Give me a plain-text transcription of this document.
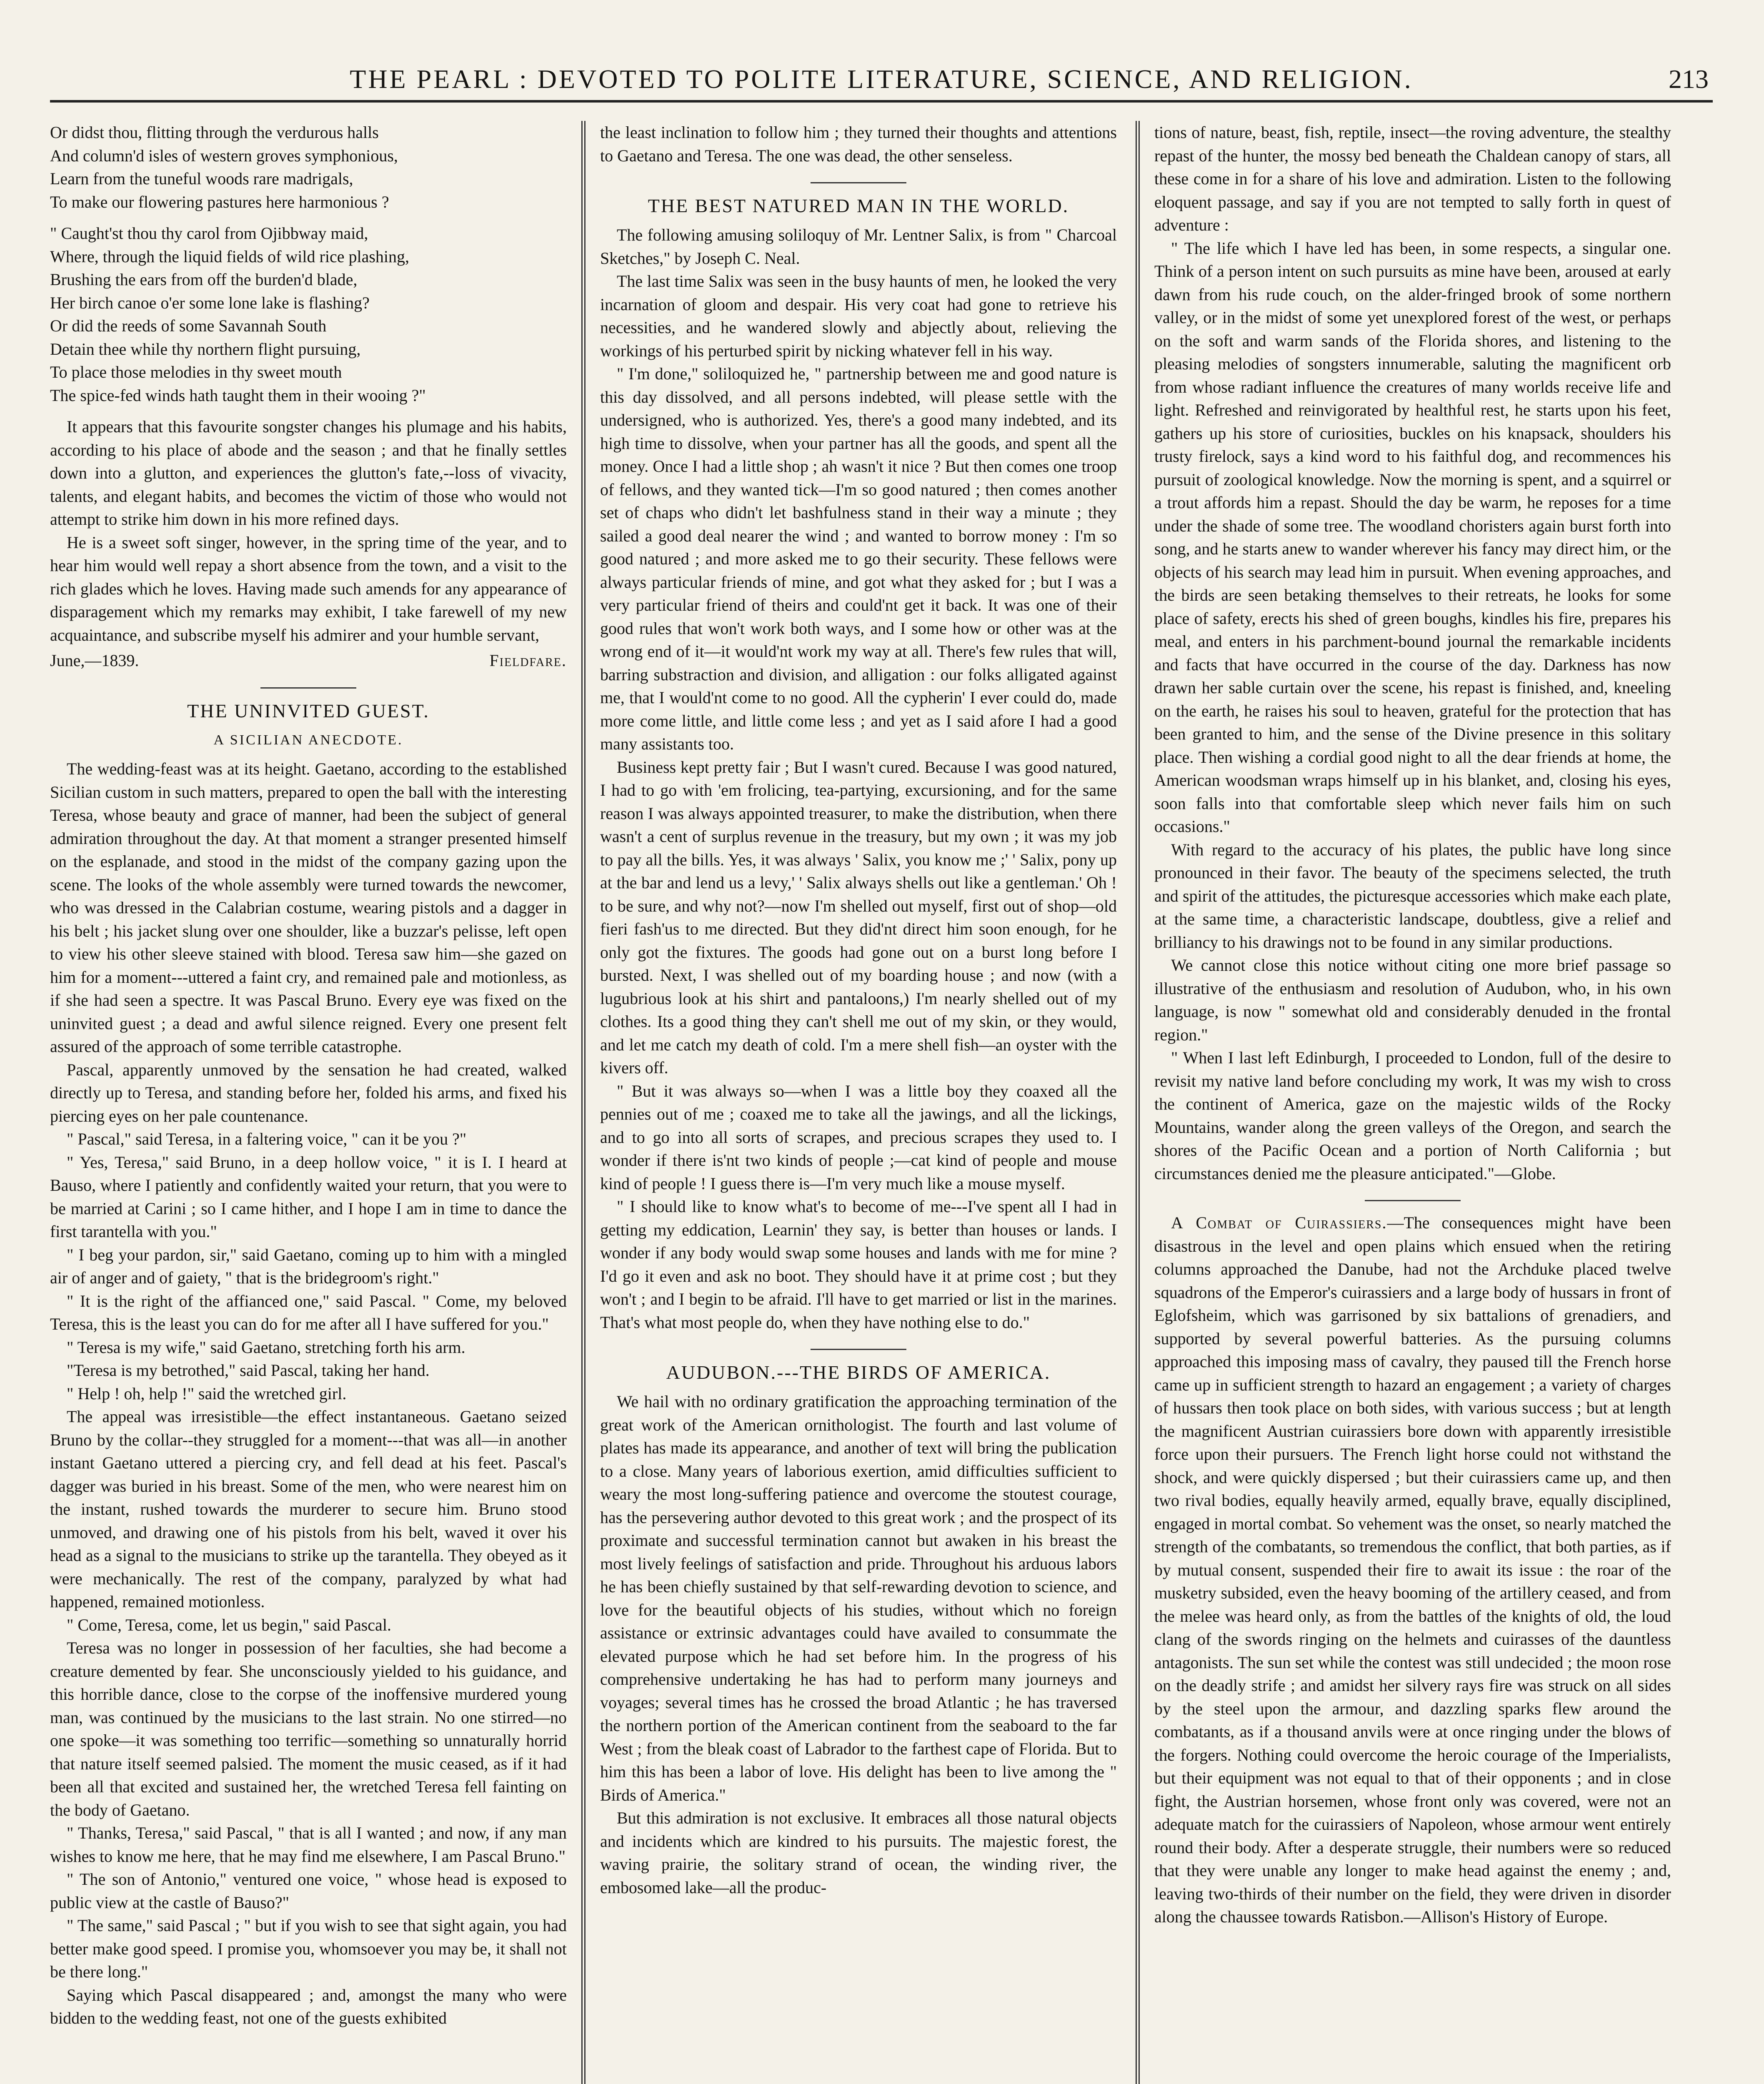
THE PEARL : DEVOTED TO POLITE LITERATURE, SCIENCE, AND RELIGION.	213

Or didst thou, flitting through the verdurous halls

And column'd isles of western groves symphonious,

Learn from the tuneful woods rare madrigals,

To make our flowering pastures here harmonious ?

" Caught'st thou thy carol from Ojibbway maid,

Where, through the liquid fields of wild rice plashing,

Brushing the ears from off the burden'd blade,

Her birch canoe o'er some lone lake is flashing?

Or did the reeds of some Savannah South

Detain thee while thy northern flight pursuing,

To place those melodies in thy sweet mouth

The spice-fed winds hath taught them in their wooing ?"

It appears that this favourite songster changes his plumage and his habits, according to his place of abode and the season ; and that he finally settles down into a glutton, and experiences the glutton's fate,--loss of vivacity, talents, and elegant habits, and becomes the victim of those who would not attempt to strike him down in his more refined days.

He is a sweet soft singer, however, in the spring time of the year, and to hear him would well repay a short absence from the town, and a visit to the rich glades which he loves. Having made such amends for any appearance of disparagement which my remarks may exhibit, I take farewell of my new acquaintance, and subscribe myself his admirer and your humble servant,

June,—1839.	Fieldfare.
THE UNINVITED GUEST.
A SICILIAN ANECDOTE.

The wedding-feast was at its height. Gaetano, according to the established Sicilian custom in such matters, prepared to open the ball with the interesting Teresa, whose beauty and grace of manner, had been the subject of general admiration throughout the day. At that moment a stranger presented himself on the esplanade, and stood in the midst of the company gazing upon the scene. The looks of the whole assembly were turned towards the newcomer, who was dressed in the Calabrian costume, wearing pistols and a dagger in his belt ; his jacket slung over one shoulder, like a buzzar's pelisse, left open to view his other sleeve stained with blood. Teresa saw him—she gazed on him for a moment---uttered a faint cry, and remained pale and motionless, as if she had seen a spectre. It was Pascal Bruno. Every eye was fixed on the uninvited guest ; a dead and awful silence reigned. Every one present felt assured of the approach of some terrible catastrophe.

Pascal, apparently unmoved by the sensation he had created, walked directly up to Teresa, and standing before her, folded his arms, and fixed his piercing eyes on her pale countenance.

" Pascal," said Teresa, in a faltering voice, " can it be you ?"

" Yes, Teresa," said Bruno, in a deep hollow voice, " it is I. I heard at Bauso, where I patiently and confidently waited your return, that you were to be married at Carini ; so I came hither, and I hope I am in time to dance the first tarantella with you."

" I beg your pardon, sir," said Gaetano, coming up to him with a mingled air of anger and of gaiety, " that is the bridegroom's right."

" It is the right of the affianced one," said Pascal. " Come, my beloved Teresa, this is the least you can do for me after all I have suffered for you."

" Teresa is my wife," said Gaetano, stretching forth his arm.

"Teresa is my betrothed," said Pascal, taking her hand.

" Help ! oh, help !" said the wretched girl.

The appeal was irresistible—the effect instantaneous. Gaetano seized Bruno by the collar--they struggled for a moment---that was all—in another instant Gaetano uttered a piercing cry, and fell dead at his feet. Pascal's dagger was buried in his breast. Some of the men, who were nearest him on the instant, rushed towards the murderer to secure him. Bruno stood unmoved, and drawing one of his pistols from his belt, waved it over his head as a signal to the musicians to strike up the tarantella. They obeyed as it were mechanically. The rest of the company, paralyzed by what had happened, remained motionless.

" Come, Teresa, come, let us begin," said Pascal.

Teresa was no longer in possession of her faculties, she had become a creature demented by fear. She unconsciously yielded to his guidance, and this horrible dance, close to the corpse of the inoffensive murdered young man, was continued by the musicians to the last strain. No one stirred—no one spoke—it was something too terrific—something so unnaturally horrid that nature itself seemed palsied. The moment the music ceased, as if it had been all that excited and sustained her, the wretched Teresa fell fainting on the body of Gaetano.

" Thanks, Teresa," said Pascal, " that is all I wanted ; and now, if any man wishes to know me here, that he may find me elsewhere, I am Pascal Bruno."

" The son of Antonio," ventured one voice, " whose head is exposed to public view at the castle of Bauso?"

" The same," said Pascal ; " but if you wish to see that sight again, you had better make good speed. I promise you, whomsoever you may be, it shall not be there long."

Saying which Pascal disappeared ; and, amongst the many who were bidden to the wedding feast, not one of the guests exhibited

the least inclination to follow him ; they turned their thoughts and attentions to Gaetano and Teresa. The one was dead, the other senseless.

THE BEST NATURED MAN IN THE WORLD.

The following amusing soliloquy of Mr. Lentner Salix, is from " Charcoal Sketches," by Joseph C. Neal.

The last time Salix was seen in the busy haunts of men, he looked the very incarnation of gloom and despair. His very coat had gone to retrieve his necessities, and he wandered slowly and abjectly about, relieving the workings of his perturbed spirit by nicking whatever fell in his way.

" I'm done," soliloquized he, " partnership between me and good nature is this day dissolved, and all persons indebted, will please settle with the undersigned, who is authorized. Yes, there's a good many indebted, and its high time to dissolve, when your partner has all the goods, and spent all the money. Once I had a little shop ; ah wasn't it nice ? But then comes one troop of fellows, and they wanted tick—I'm so good natured ; then comes another set of chaps who didn't let bashfulness stand in their way a minute ; they sailed a good deal nearer the wind ; and wanted to borrow money : I'm so good natured ; and more asked me to go their security. These fellows were always particular friends of mine, and got what they asked for ; but I was a very particular friend of theirs and could'nt get it back. It was one of their good rules that won't work both ways, and I some how or other was at the wrong end of it—it would'nt work my way at all. There's few rules that will, barring substraction and division, and alligation : our folks alligated against me, that I would'nt come to no good. All the cypherin' I ever could do, made more come little, and little come less ; and yet as I said afore I had a good many assistants too.

Business kept pretty fair ; But I wasn't cured. Because I was good natured, I had to go with 'em frolicing, tea-partying, excursioning, and for the same reason I was always appointed treasurer, to make the distribution, when there wasn't a cent of surplus revenue in the treasury, but my own ; it was my job to pay all the bills. Yes, it was always ' Salix, you know me ;' ' Salix, pony up at the bar and lend us a levy,' ' Salix always shells out like a gentleman.' Oh ! to be sure, and why not?—now I'm shelled out myself, first out of shop—old fieri fash'us to me directed. But they did'nt direct him soon enough, for he only got the fixtures. The goods had gone out on a burst long before I bursted. Next, I was shelled out of my boarding house ; and now (with a lugubrious look at his shirt and pantaloons,) I'm nearly shelled out of my clothes. Its a good thing they can't shell me out of my skin, or they would, and let me catch my death of cold. I'm a mere shell fish—an oyster with the kivers off.

" But it was always so—when I was a little boy they coaxed all the pennies out of me ; coaxed me to take all the jawings, and all the lickings, and to go into all sorts of scrapes, and precious scrapes they used to. I wonder if there is'nt two kinds of people ;—cat kind of people and mouse kind of people ! I guess there is—I'm very much like a mouse myself.

" I should like to know what's to become of me---I've spent all I had in getting my eddication, Learnin' they say, is better than houses or lands. I wonder if any body would swap some houses and lands with me for mine ? I'd go it even and ask no boot. They should have it at prime cost ; but they won't ; and I begin to be afraid. I'll have to get married or list in the marines. That's what most people do, when they have nothing else to do."

AUDUBON.---THE BIRDS OF AMERICA.

We hail with no ordinary gratification the approaching termination of the great work of the American ornithologist. The fourth and last volume of plates has made its appearance, and another of text will bring the publication to a close. Many years of laborious exertion, amid difficulties sufficient to weary the most long-suffering patience and overcome the stoutest courage, has the persevering author devoted to this great work ; and the prospect of its proximate and successful termination cannot but awaken in his breast the most lively feelings of satisfaction and pride. Throughout his arduous labors he has been chiefly sustained by that self-rewarding devotion to science, and love for the beautiful objects of his studies, without which no foreign assistance or extrinsic advantages could have availed to consummate the elevated purpose which he had set before him. In the progress of his comprehensive undertaking he has had to perform many journeys and voyages; several times has he crossed the broad Atlantic ; he has traversed the northern portion of the American continent from the seaboard to the far West ; from the bleak coast of Labrador to the farthest cape of Florida. But to him this has been a labor of love. His delight has been to live among the " Birds of America."

But this admiration is not exclusive. It embraces all those natural objects and incidents which are kindred to his pursuits. The majestic forest, the waving prairie, the solitary strand of ocean, the winding river, the embosomed lake—all the produc-

tions of nature, beast, fish, reptile, insect—the roving adventure, the stealthy repast of the hunter, the mossy bed beneath the Chaldean canopy of stars, all these come in for a share of his love and admiration. Listen to the following eloquent passage, and say if you are not tempted to sally forth in quest of adventure :

" The life which I have led has been, in some respects, a singular one. Think of a person intent on such pursuits as mine have been, aroused at early dawn from his rude couch, on the alder-fringed brook of some northern valley, or in the midst of some yet unexplored forest of the west, or perhaps on the soft and warm sands of the Florida shores, and listening to the pleasing melodies of songsters innumerable, saluting the magnificent orb from whose radiant influence the creatures of many worlds receive life and light. Refreshed and reinvigorated by healthful rest, he starts upon his feet, gathers up his store of curiosities, buckles on his knapsack, shoulders his trusty firelock, says a kind word to his faithful dog, and recommences his pursuit of zoological knowledge. Now the morning is spent, and a squirrel or a trout affords him a repast. Should the day be warm, he reposes for a time under the shade of some tree. The woodland choristers again burst forth into song, and he starts anew to wander wherever his fancy may direct him, or the objects of his search may lead him in pursuit. When evening approaches, and the birds are seen betaking themselves to their retreats, he looks for some place of safety, erects his shed of green boughs, kindles his fire, prepares his meal, and enters in his parchment-bound journal the remarkable incidents and facts that have occurred in the course of the day. Darkness has now drawn her sable curtain over the scene, his repast is finished, and, kneeling on the earth, he raises his soul to heaven, grateful for the protection that has been granted to him, and the sense of the Divine presence in this solitary place. Then wishing a cordial good night to all the dear friends at home, the American woodsman wraps himself up in his blanket, and, closing his eyes, soon falls into that comfortable sleep which never fails him on such occasions."

With regard to the accuracy of his plates, the public have long since pronounced in their favor. The beauty of the specimens selected, the truth and spirit of the attitudes, the picturesque accessories which make each plate, at the same time, a characteristic landscape, doubtless, give a relief and brilliancy to his drawings not to be found in any similar productions.

We cannot close this notice without citing one more brief passage so illustrative of the enthusiasm and resolution of Audubon, who, in his own language, is now " somewhat old and considerably denuded in the frontal region."

" When I last left Edinburgh, I proceeded to London, full of the desire to revisit my native land before concluding my work, It was my wish to cross the continent of America, gaze on the majestic wilds of the Rocky Mountains, wander along the green valleys of the Oregon, and search the shores of the Pacific Ocean and a portion of North California ; but circumstances denied me the pleasure anticipated."—Globe.

A Combat of Cuirassiers.—The consequences might have been disastrous in the level and open plains which ensued when the retiring columns approached the Danube, had not the Archduke placed twelve squadrons of the Emperor's cuirassiers and a large body of hussars in front of Eglofsheim, which was garrisoned by six battalions of grenadiers, and supported by several powerful batteries. As the pursuing columns approached this imposing mass of cavalry, they paused till the French horse came up in sufficient strength to hazard an engagement ; a variety of charges of hussars then took place on both sides, with various success ; but at length the magnificent Austrian cuirassiers bore down with apparently irresistible force upon their pursuers. The French light horse could not withstand the shock, and were quickly dispersed ; but their cuirassiers came up, and then two rival bodies, equally heavily armed, equally brave, equally disciplined, engaged in mortal combat. So vehement was the onset, so nearly matched the strength of the combatants, so tremendous the conflict, that both parties, as if by mutual consent, suspended their fire to await its issue : the roar of the musketry subsided, even the heavy booming of the artillery ceased, and from the melee was heard only, as from the battles of the knights of old, the loud clang of the swords ringing on the helmets and cuirasses of the dauntless antagonists. The sun set while the contest was still undecided ; the moon rose on the deadly strife ; and amidst her silvery rays fire was struck on all sides by the steel upon the armour, and dazzling sparks flew around the combatants, as if a thousand anvils were at once ringing under the blows of the forgers. Nothing could overcome the heroic courage of the Imperialists, but their equipment was not equal to that of their opponents ; and in close fight, the Austrian horsemen, whose front only was covered, were not an adequate match for the cuirassiers of Napoleon, whose armour went entirely round their body. After a desperate struggle, their numbers were so reduced that they were unable any longer to make head against the enemy ; and, leaving two-thirds of their number on the field, they were driven in disorder along the chaussee towards Ratisbon.—Allison's History of Europe.
